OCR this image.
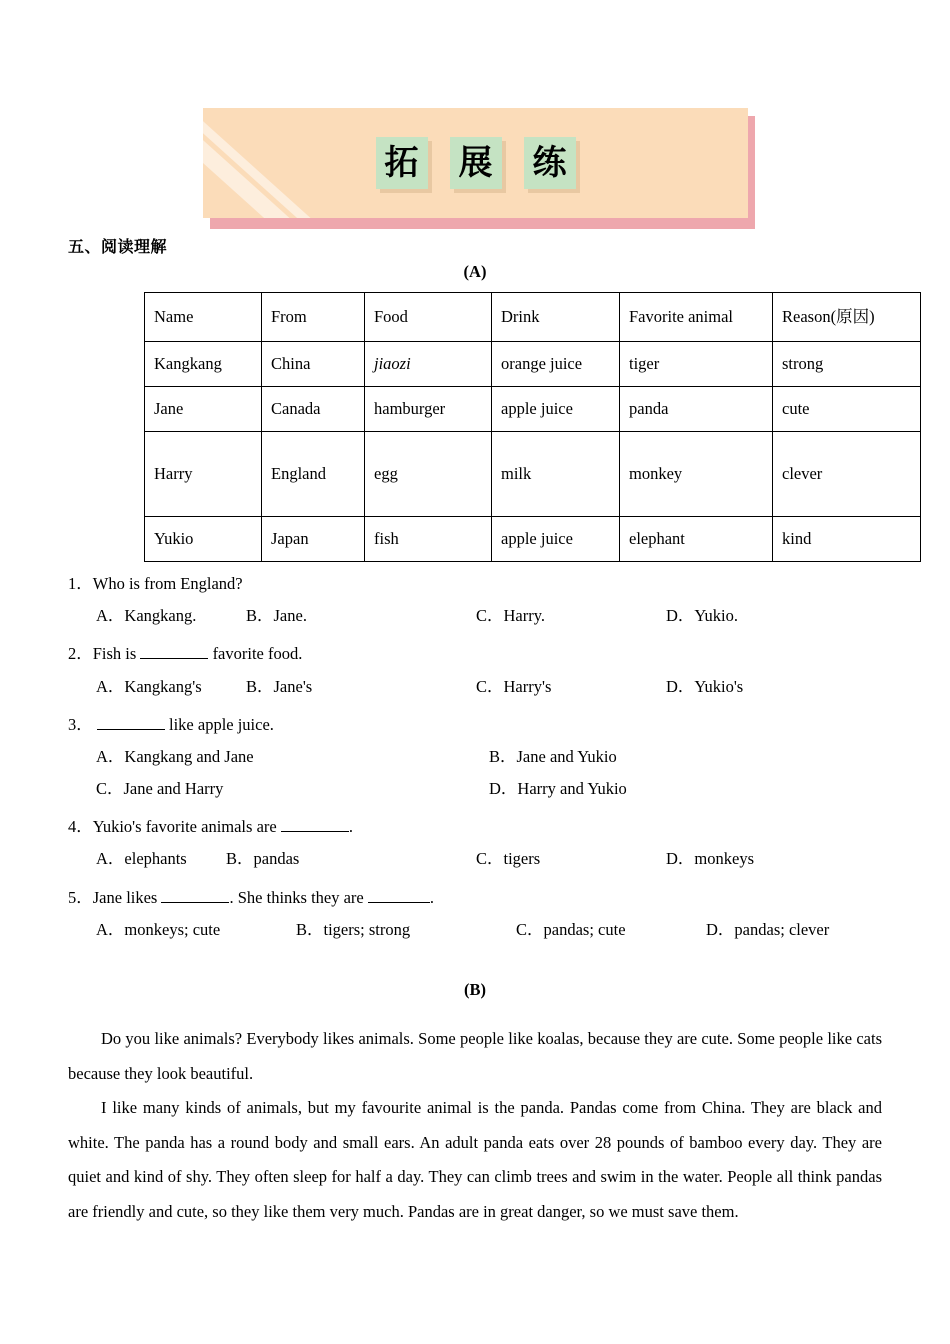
拓 展 练
五、阅读理解
(A)
Name	From	Food	Drink	Favorite animal	Reason(原因)
Kangkang	China	jiaozi	orange juice	tiger	strong
Jane	Canada	hamburger	apple juice	panda	cute
Harry	England	egg	milk	monkey	clever
Yukio	Japan	fish	apple juice	elephant	kind
1．Who is from England?
A．Kangkang.	B．Jane.	C．Harry.	D．Yukio.
2．Fish is	favorite food.
A．Kangkang's	B．Jane's	C．Harry's	D．Yukio's
3．	like apple juice.
A．Kangkang and Jane	B．Jane and Yukio
C．Jane and Harry	D．Harry and Yukio
4．Yukio's favorite animals are	.
A．elephants	B．pandas	C．tigers	D．monkeys
5．Jane likes	. She thinks they are	.
A．monkeys; cute	B．tigers; strong	C．pandas; cute	D．pandas; clever
(B)

Do you like animals? Everybody likes animals. Some people like koalas, because they are cute. Some people like cats because they look beautiful.

I like many kinds of animals, but my favourite animal is the panda. Pandas come from China. They are black and white. The panda has a round body and small ears. An adult panda eats over 28 pounds of bamboo every day. They are quiet and kind of shy. They often sleep for half a day. They can climb trees and swim in the water. People all think pandas are friendly and cute, so they like them very much. Pandas are in great danger, so we must save them.
